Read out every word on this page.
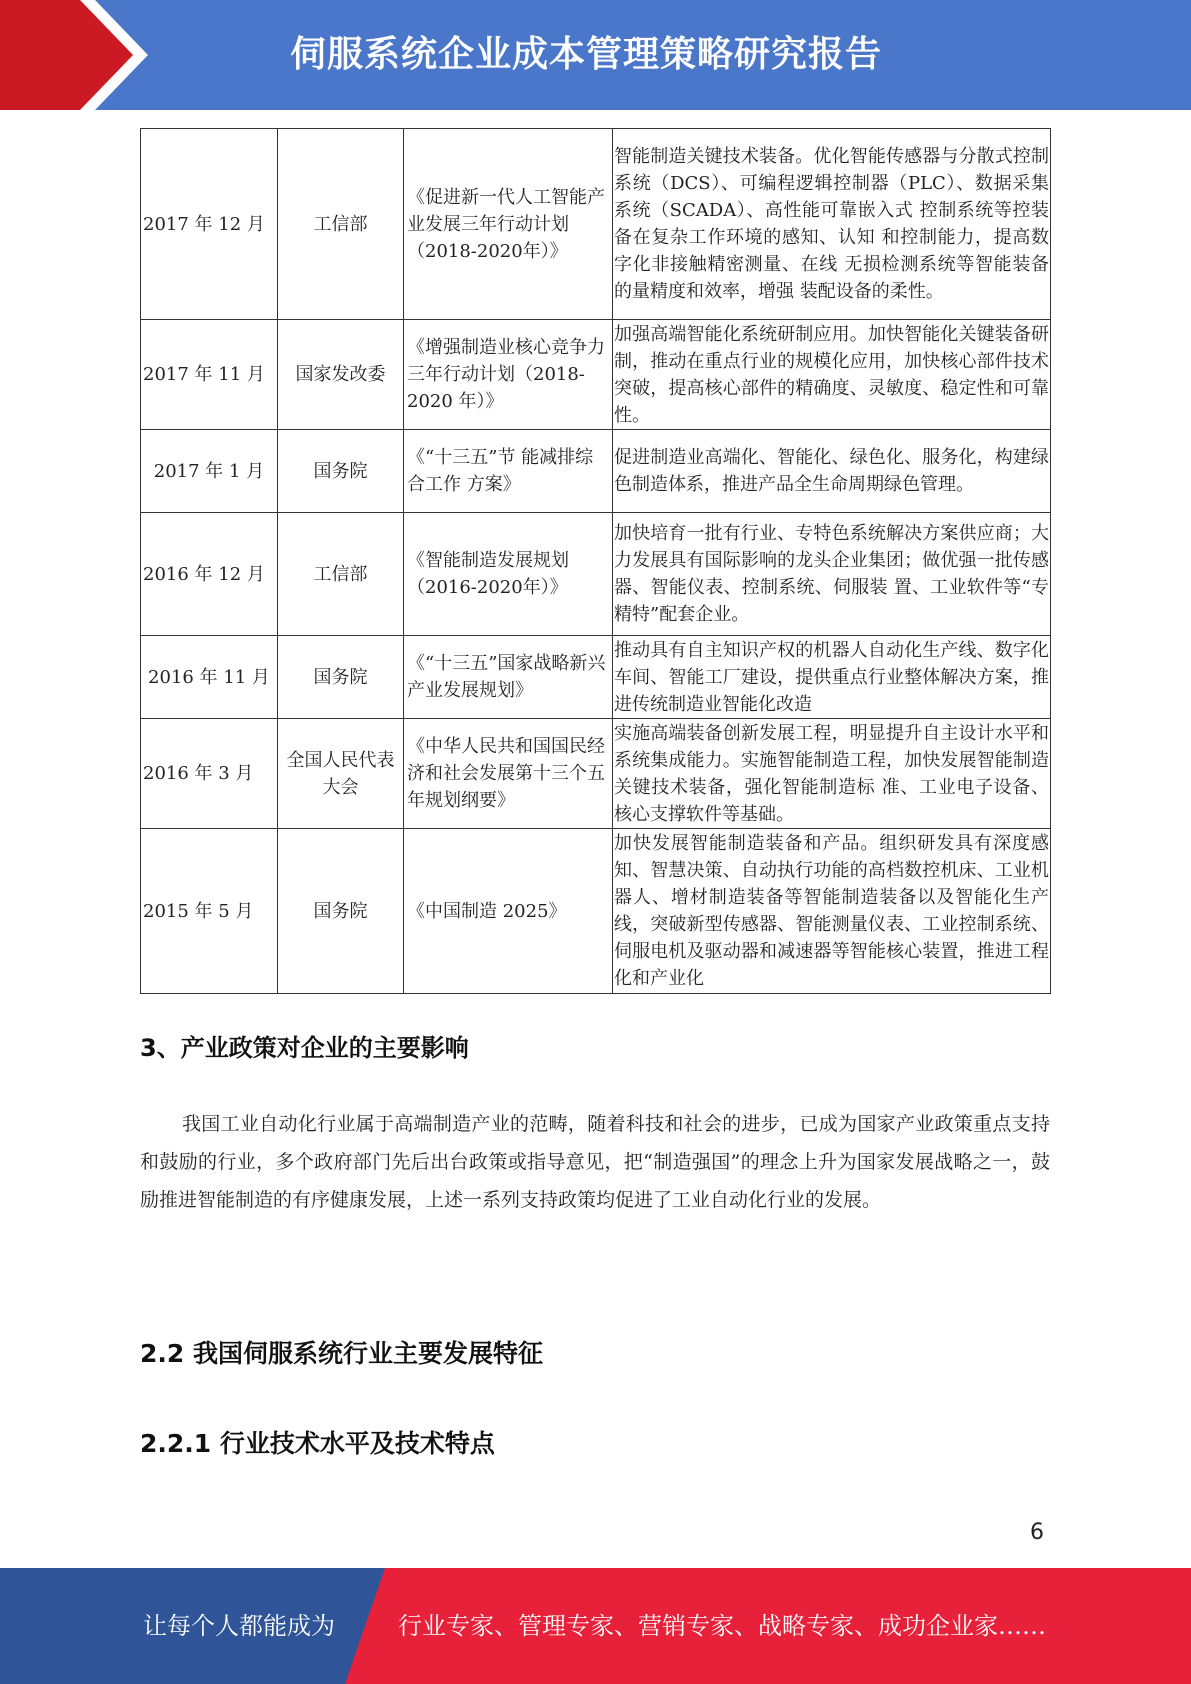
伺服系统企业成本管理策略研究报告
2017 年 12 月	工信部	《促进新一代人工智能产业发展三年行动计划（2018-2020年）》	智能制造关键技术装备。优化智能传感器与分散式控制系统（DCS）、可编程逻辑控制器（PLC）、数据采集系统（SCADA）、高性能可靠嵌入式 控制系统等控装备在复杂工作环境的感知、认知 和控制能力，提高数字化非接触精密测量、在线 无损检测系统等智能装备的量精度和效率，增强 装配设备的柔性。
2017 年 11 月	国家发改委	《增强制造业核心竞争力三年行动计划（2018-2020 年）》	加强高端智能化系统研制应用。加快智能化关键装备研制，推动在重点行业的规模化应用，加快核心部件技术突破，提高核心部件的精确度、灵敏度、稳定性和可靠性。
2017 年 1 月	国务院	《“十三五”节 能减排综合工作 方案》	促进制造业高端化、智能化、绿色化、服务化，构建绿色制造体系，推进产品全生命周期绿色管理。
2016 年 12 月	工信部	《智能制造发展规划（2016-2020年）》	加快培育一批有行业、专特色系统解决方案供应商；大力发展具有国际影响的龙头企业集团；做优强一批传感器、智能仪表、控制系统、伺服装 置、工业软件等“专精特”配套企业。
2016 年 11 月	国务院	《“十三五”国家战略新兴产业发展规划》	推动具有自主知识产权的机器人自动化生产线、数字化车间、智能工厂建设，提供重点行业整体解决方案，推进传统制造业智能化改造
2016 年 3 月	全国人民代表大会	《中华人民共和国国民经济和社会发展第十三个五年规划纲要》	实施高端装备创新发展工程，明显提升自主设计水平和系统集成能力。实施智能制造工程，加快发展智能制造关键技术装备，强化智能制造标 准、工业电子设备、核心支撑软件等基础。
2015 年 5 月	国务院	《中国制造 2025》	加快发展智能制造装备和产品。组织研发具有深度感知、智慧决策、自动执行功能的高档数控机床、工业机器人、增材制造装备等智能制造装备以及智能化生产线，突破新型传感器、智能测量仪表、工业控制系统、伺服电机及驱动器和减速器等智能核心装置，推进工程化和产业化
3、产业政策对企业的主要影响
我国工业自动化行业属于高端制造产业的范畴，随着科技和社会的进步，已成为国家产业政策重点支持和鼓励的行业，多个政府部门先后出台政策或指导意见，把“制造强国”的理念上升为国家发展战略之一，鼓励推进智能制造的有序健康发展，上述一系列支持政策均促进了工业自动化行业的发展。
2.2 我国伺服系统行业主要发展特征
2.2.1 行业技术水平及技术特点
6
让每个人都能成为	行业专家、管理专家、营销专家、战略专家、成功企业家……
